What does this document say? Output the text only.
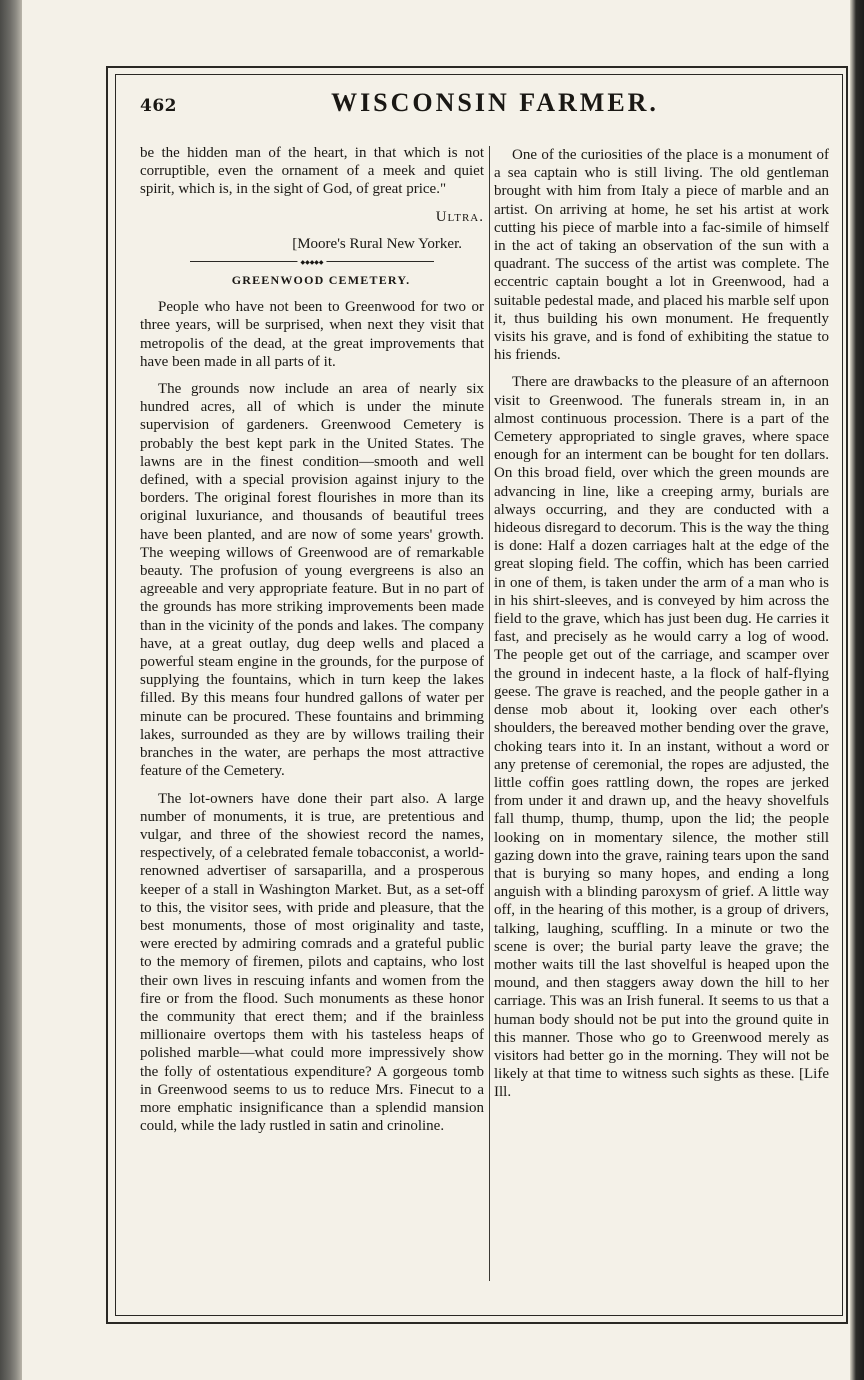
462	WISCONSIN FARMER.

be the hidden man of the heart, in that which is not corruptible, even the ornament of a meek and quiet spirit, which is, in the sight of God, of great price."

Ultra.

[Moore's Rural New Yorker.

◆◆◆◆◆

GREENWOOD CEMETERY.

People who have not been to Greenwood for two or three years, will be surprised, when next they visit that metropolis of the dead, at the great improvements that have been made in all parts of it.

The grounds now include an area of nearly six hundred acres, all of which is under the minute supervision of gardeners. Greenwood Cemetery is probably the best kept park in the United States. The lawns are in the finest condition—smooth and well defined, with a special provision against injury to the borders. The original forest flourishes in more than its original luxuriance, and thousands of beautiful trees have been planted, and are now of some years' growth. The weeping willows of Greenwood are of remarkable beauty. The profusion of young evergreens is also an agreeable and very appropriate feature. But in no part of the grounds has more striking improvements been made than in the vicinity of the ponds and lakes. The company have, at a great outlay, dug deep wells and placed a powerful steam engine in the grounds, for the purpose of supplying the fountains, which in turn keep the lakes filled. By this means four hundred gallons of water per minute can be procured. These fountains and brimming lakes, surrounded as they are by willows trailing their branches in the water, are perhaps the most attractive feature of the Cemetery.

The lot-owners have done their part also. A large number of monuments, it is true, are pretentious and vulgar, and three of the showiest record the names, respectively, of a celebrated female tobacconist, a world-renowned advertiser of sarsaparilla, and a prosperous keeper of a stall in Washington Market. But, as a set-off to this, the visitor sees, with pride and pleasure, that the best monuments, those of most originality and taste, were erected by admiring comrads and a grateful public to the memory of firemen, pilots and captains, who lost their own lives in rescuing infants and women from the fire or from the flood. Such monuments as these honor the community that erect them; and if the brainless millionaire overtops them with his tasteless heaps of polished marble—what could more impressively show the folly of ostentatious expenditure? A gorgeous tomb in Greenwood seems to us to reduce Mrs. Finecut to a more emphatic insignificance than a splendid mansion could, while the lady rustled in satin and crinoline.

One of the curiosities of the place is a monument of a sea captain who is still living. The old gentleman brought with him from Italy a piece of marble and an artist. On arriving at home, he set his artist at work cutting his piece of marble into a fac-simile of himself in the act of taking an observation of the sun with a quadrant. The success of the artist was complete. The eccentric captain bought a lot in Greenwood, had a suitable pedestal made, and placed his marble self upon it, thus building his own monument. He frequently visits his grave, and is fond of exhibiting the statue to his friends.

There are drawbacks to the pleasure of an afternoon visit to Greenwood. The funerals stream in, in an almost continuous procession. There is a part of the Cemetery appropriated to single graves, where space enough for an interment can be bought for ten dollars. On this broad field, over which the green mounds are advancing in line, like a creeping army, burials are always occurring, and they are conducted with a hideous disregard to decorum. This is the way the thing is done: Half a dozen carriages halt at the edge of the great sloping field. The coffin, which has been carried in one of them, is taken under the arm of a man who is in his shirt-sleeves, and is conveyed by him across the field to the grave, which has just been dug. He carries it fast, and precisely as he would carry a log of wood. The people get out of the carriage, and scamper over the ground in indecent haste, a la flock of half-flying geese. The grave is reached, and the people gather in a dense mob about it, looking over each other's shoulders, the bereaved mother bending over the grave, choking tears into it. In an instant, without a word or any pretense of ceremonial, the ropes are adjusted, the little coffin goes rattling down, the ropes are jerked from under it and drawn up, and the heavy shovelfuls fall thump, thump, thump, upon the lid; the people looking on in momentary silence, the mother still gazing down into the grave, raining tears upon the sand that is burying so many hopes, and ending a long anguish with a blinding paroxysm of grief. A little way off, in the hearing of this mother, is a group of drivers, talking, laughing, scuffling. In a minute or two the scene is over; the burial party leave the grave; the mother waits till the last shovelful is heaped upon the mound, and then staggers away down the hill to her carriage. This was an Irish funeral. It seems to us that a human body should not be put into the ground quite in this manner. Those who go to Greenwood merely as visitors had better go in the morning. They will not be likely at that time to witness such sights as these. [Life Ill.
